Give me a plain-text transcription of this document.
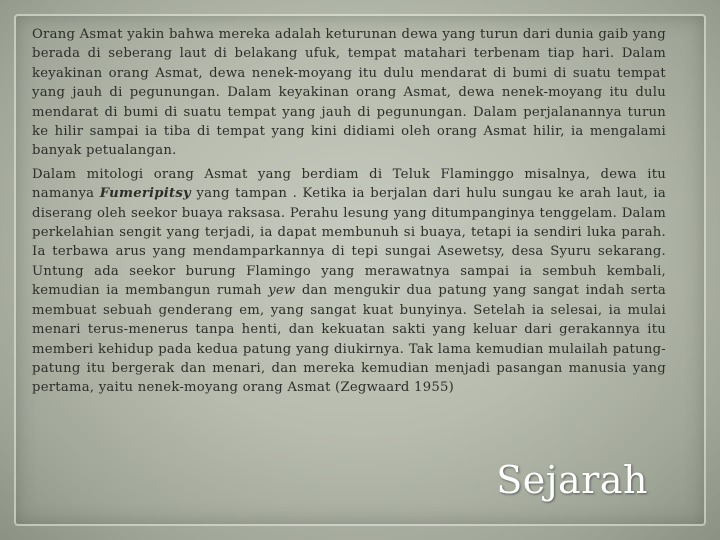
Orang Asmat yakin bahwa mereka adalah keturunan dewa yang turun dari dunia gaib yang berada di seberang laut di belakang ufuk, tempat matahari terbenam tiap hari. Dalam keyakinan orang Asmat, dewa nenek-moyang itu dulu mendarat di bumi di suatu tempat yang jauh di pegunungan. Dalam keyakinan orang Asmat, dewa nenek-moyang itu dulu mendarat di bumi di suatu tempat yang jauh di pegunungan. Dalam perjalanannya turun ke hilir sampai ia tiba di tempat yang kini didiami oleh orang Asmat hilir, ia mengalami banyak petualangan.

Dalam mitologi orang Asmat yang berdiam di Teluk Flaminggo misalnya, dewa itu namanya Fumeripitsy yang tampan . Ketika ia berjalan dari hulu sungau ke arah laut, ia diserang oleh seekor buaya raksasa. Perahu lesung yang ditumpanginya tenggelam. Dalam perkelahian sengit yang terjadi, ia dapat membunuh si buaya, tetapi ia sendiri luka parah. Ia terbawa arus yang mendamparkannya di tepi sungai Asewetsy, desa Syuru sekarang. Untung ada seekor burung Flamingo yang merawatnya sampai ia sembuh kembali, kemudian ia membangun rumah yew dan mengukir dua patung yang sangat indah serta membuat sebuah genderang em, yang sangat kuat bunyinya. Setelah ia selesai, ia mulai menari terus-menerus tanpa henti, dan kekuatan sakti yang keluar dari gerakannya itu memberi kehidup pada kedua patung yang diukirnya. Tak lama kemudian mulailah patung-patung itu bergerak dan menari, dan mereka kemudian menjadi pasangan manusia yang pertama, yaitu nenek-moyang orang Asmat (Zegwaard 1955)

Sejarah
